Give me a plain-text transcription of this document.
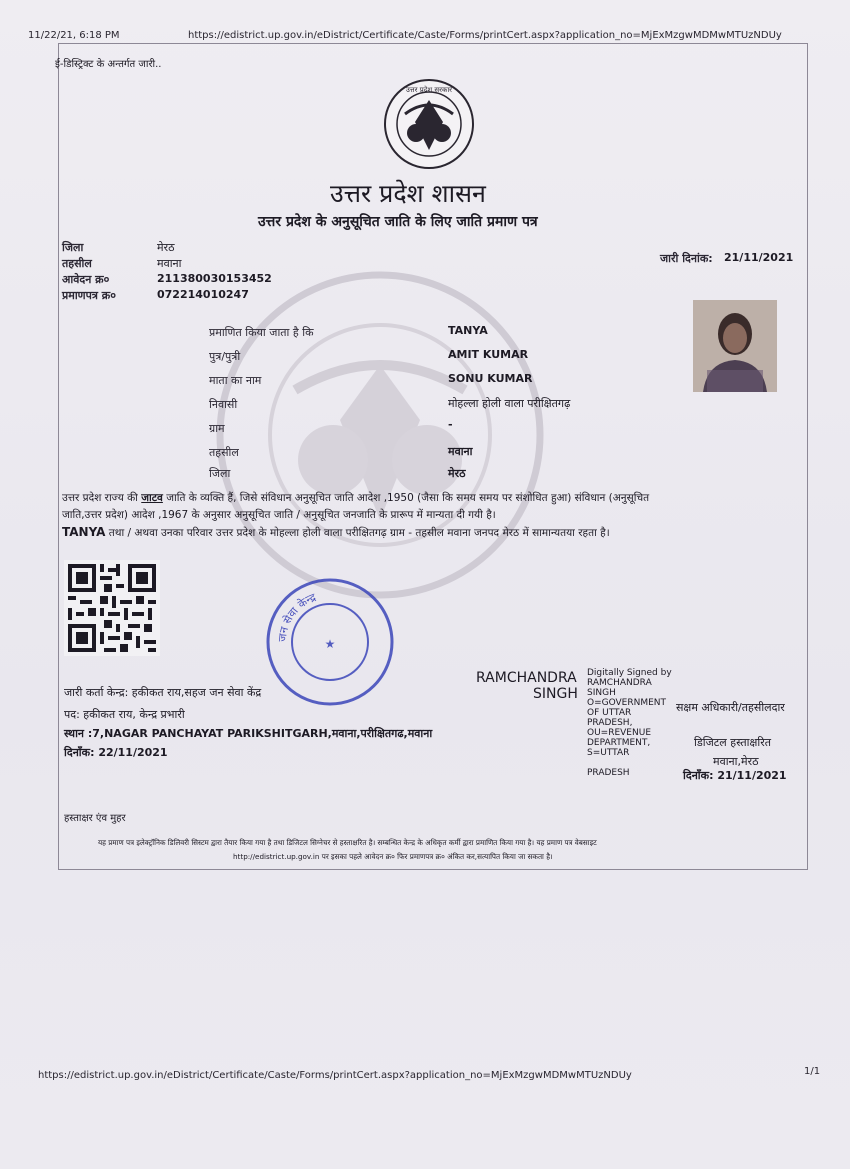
11/22/21, 6:18 PM	https://edistrict.up.gov.in/eDistrict/Certificate/Caste/Forms/printCert.aspx?application_no=MjExMzgwMDMwMTUzNDUy
ई-डिस्ट्रिक्ट के अन्तर्गत जारी..
उत्तर प्रदेश सरकार
उत्तर प्रदेश शासन
उत्तर प्रदेश के अनुसूचित जाति के लिए जाति प्रमाण पत्र
जिला	मेरठ
तहसील	मवाना
आवेदन क्र०	211380030153452
प्रमाणपत्र क्र०	072214010247
जारी दिनांक: 21/11/2021
प्रमाणित किया जाता है कि	TANYA
पुत्र/पुत्री	AMIT KUMAR
माता का नाम	SONU KUMAR
निवासी	मोहल्ला होली वाला परीक्षितगढ़
ग्राम	-
तहसील	मवाना
जिला	मेरठ
उत्तर प्रदेश राज्य की जाटव जाति के व्यक्ति हैं, जिसे संविधान अनुसूचित जाति आदेश ,1950 (जैसा कि समय समय पर संशोधित हुआ) संविधान (अनुसूचित
जाति,उत्तर प्रदेश) आदेश ,1967 के अनुसार अनुसूचित जाति / अनुसूचित जनजाति के प्रारूप में मान्यता दी गयी है।
TANYA तथा / अथवा उनका परिवार उत्तर प्रदेश के मोहल्ला होली वाला परीक्षितगढ़ ग्राम - तहसील मवाना जनपद मेरठ में सामान्यतया रहता है।
जन सेवा केन्द्र
★
जारी कर्ता केन्द्र: हकीकत राय,सहज जन सेवा केंद्र
पद: हकीकत राय, केन्द्र प्रभारी
स्थान :7,NAGAR PANCHAYAT PARIKSHITGARH,मवाना,परीक्षितगढ,मवाना
दिनाँक: 22/11/2021
RAMCHANDRA
SINGH
Digitally Signed by
RAMCHANDRA
SINGH
O=GOVERNMENT
OF UTTAR
PRADESH,
OU=REVENUE
DEPARTMENT,
S=UTTAR
PRADESH
सक्षम अधिकारी/तहसीलदार
डिजिटल हस्ताक्षरित
मवाना,मेरठ
दिनाँक: 21/11/2021
हस्ताक्षर एंव मुहर
यह प्रमाण पत्र इलेक्ट्रॉनिक डिलिवरी सिस्टम द्वारा तैयार किया गया है तथा डिजिटल सिग्नेचर से हस्ताक्षरित है। सम्बन्धित केन्द्र के अधिकृत कर्मी द्वारा प्रमाणित किया गया है। यह प्रमाण पत्र वेबसाइट
http://edistrict.up.gov.in पर इसका पहले आवेदन क्र० फिर प्रमाणपत्र क्र० अंकित कर,सत्यापित किया जा सकता है।
https://edistrict.up.gov.in/eDistrict/Certificate/Caste/Forms/printCert.aspx?application_no=MjExMzgwMDMwMTUzNDUy	1/1
